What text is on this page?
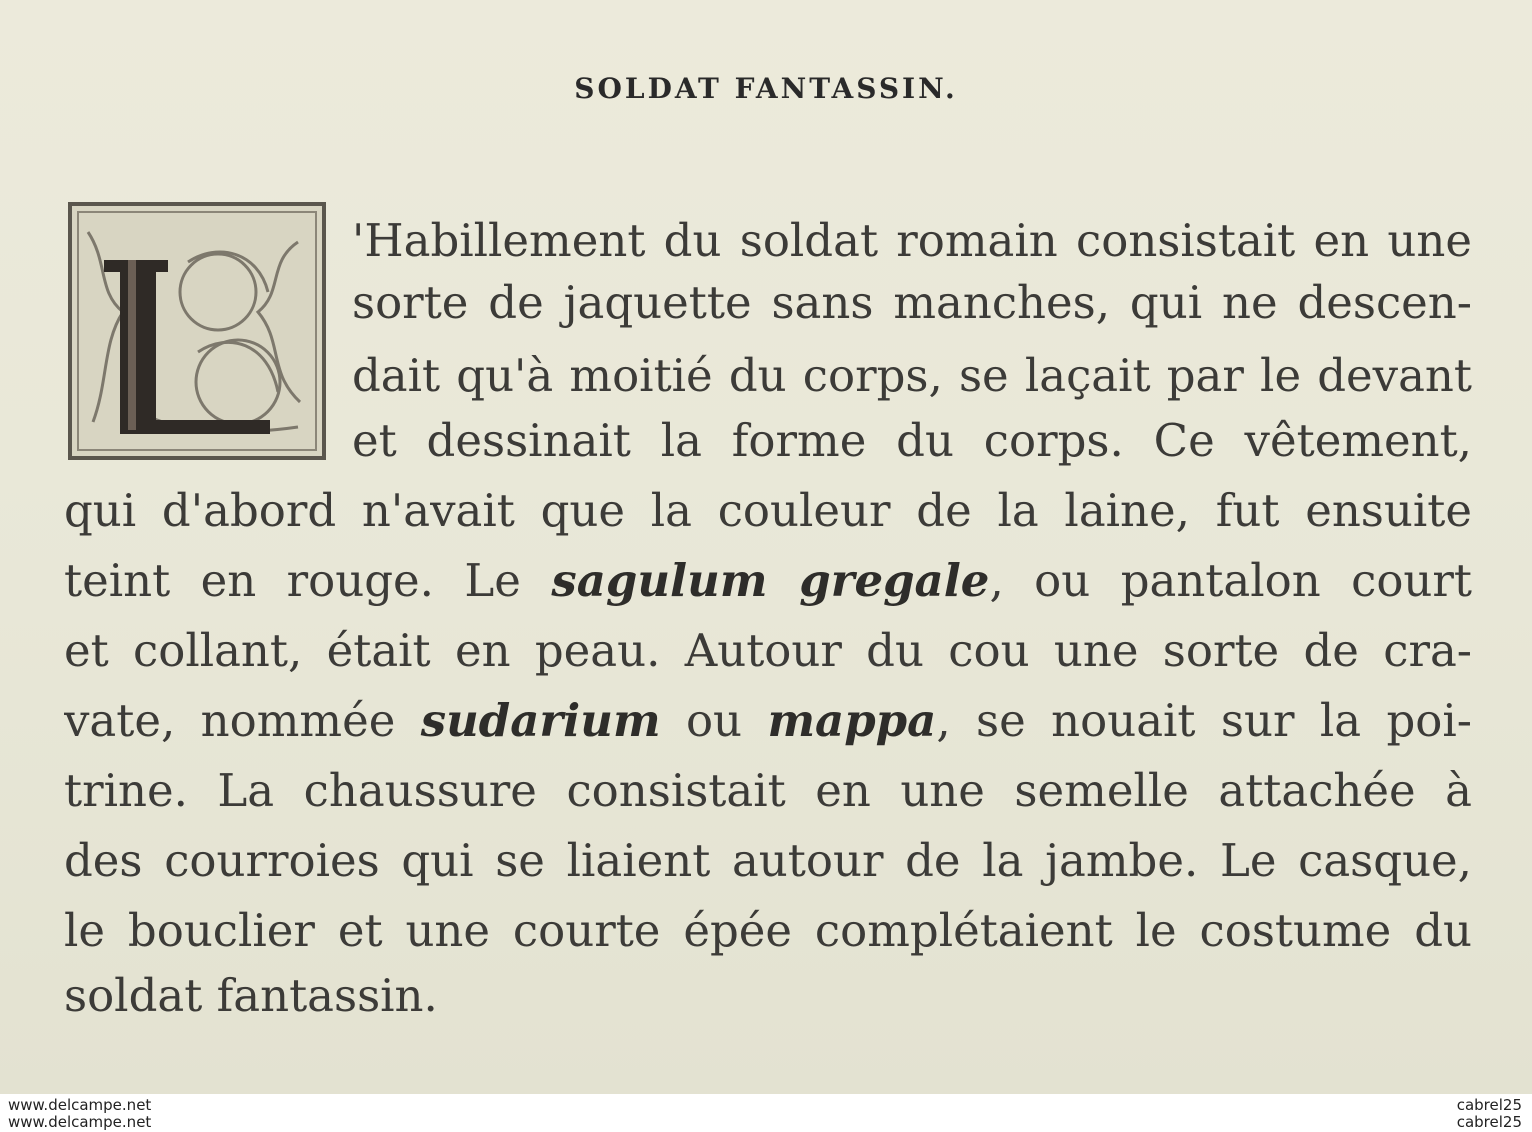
SOLDAT FANTASSIN.
L
'Habillement du soldat romain consistait en une
sorte de jaquette sans manches, qui ne descen-
dait qu'à moitié du corps, se laçait par le devant
et dessinait la forme du corps. Ce vêtement,
qui d'abord n'avait que la couleur de la laine, fut ensuite
teint en rouge. Le sagulum gregale, ou pantalon court
et collant, était en peau. Autour du cou une sorte de cra-
vate, nommée sudarium ou mappa, se nouait sur la poi-
trine. La chaussure consistait en une semelle attachée à
des courroies qui se liaient autour de la jambe. Le casque,
le bouclier et une courte épée complétaient le costume du
soldat fantassin.
www.delcampe.net
www.delcampe.net
cabrel25
cabrel25
